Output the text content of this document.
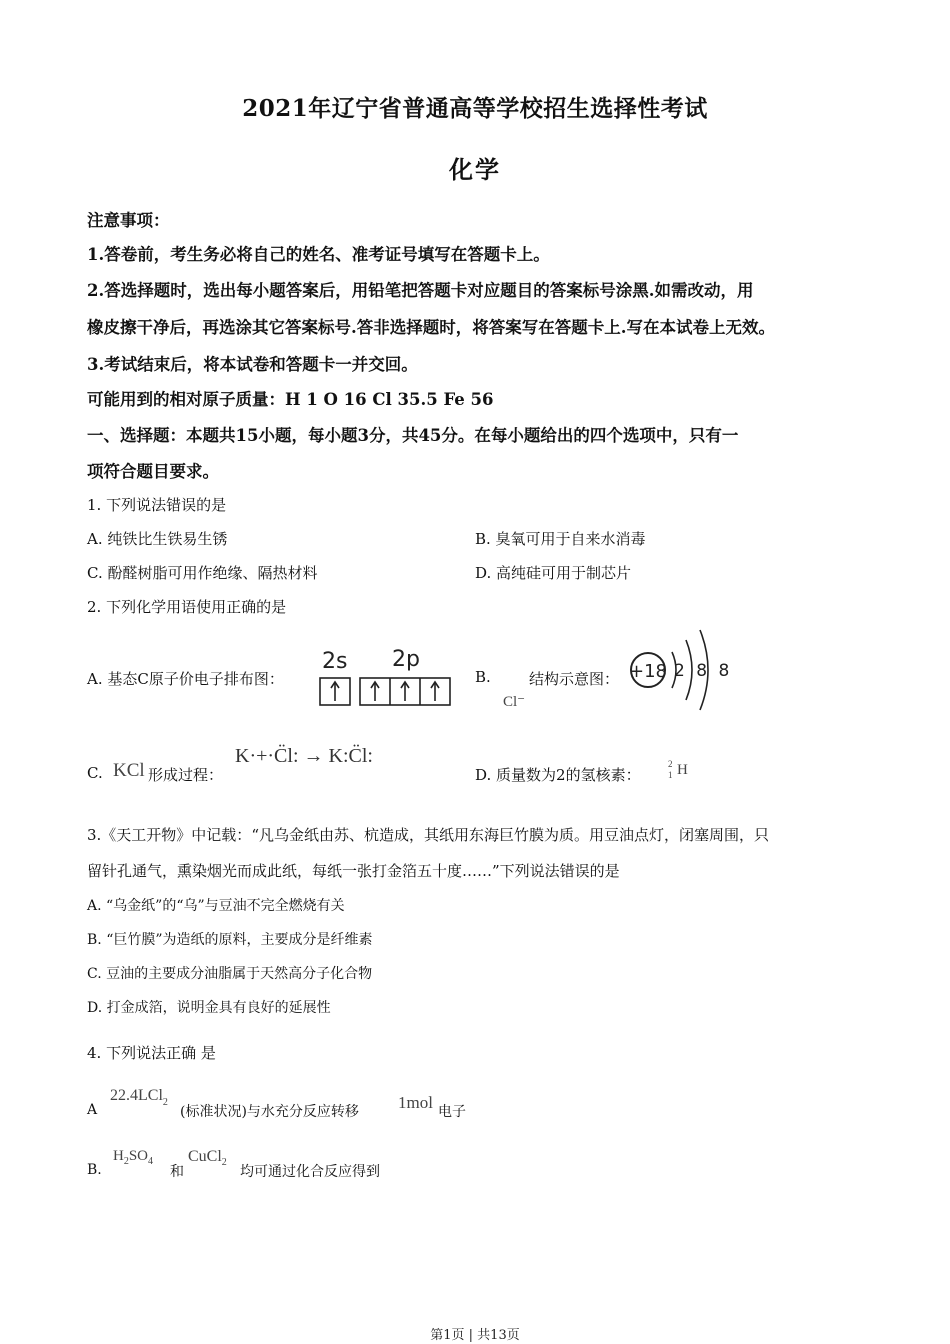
2021年辽宁省普通高等学校招生选择性考试
化学
注意事项：
1.答卷前，考生务必将自己的姓名、准考证号填写在答题卡上。
2.答选择题时，选出每小题答案后，用铅笔把答题卡对应题目的答案标号涂黑.如需改动，用
橡皮擦干净后，再选涂其它答案标号.答非选择题时，将答案写在答题卡上.写在本试卷上无效。
3.考试结束后，将本试卷和答题卡一并交回。
可能用到的相对原子质量：H 1 O 16 Cl 35.5 Fe 56
一、选择题：本题共15小题，每小题3分，共45分。在每小题给出的四个选项中，只有一
项符合题目要求。
1. 下列说法错误的是
A. 纯铁比生铁易生锈	B. 臭氧可用于自来水消毒
C. 酚醛树脂可用作绝缘、隔热材料	D. 高纯硅可用于制芯片
2. 下列化学用语使用正确的是
A. 基态C原子价电子排布图：
2s 2p
B.
Cl⁻
结构示意图： +18 2 8 8
C. KCl 形成过程：
K·+·C̈l: → K:C̈l:
D. 质量数为2的氢核素：
2
1 H
3.《天工开物》中记载：“凡乌金纸由苏、杭造成，其纸用东海巨竹膜为质。用豆油点灯，闭塞周围，只
留针孔通气，熏染烟光而成此纸，每纸一张打金箔五十度……”下列说法错误的是
A. “乌金纸”的“乌”与豆油不完全燃烧有关
B. “巨竹膜”为造纸的原料，主要成分是纤维素
C. 豆油的主要成分油脂属于天然高分子化合物
D. 打金成箔，说明金具有良好的延展性
4. 下列说法正确 是
A
22.4LCl$_2$
(标准状况)与水充分反应转移 1mol 电子
B.
$H_2SO_4$
和
CuCl$_2$
均可通过化合反应得到
第1页 | 共13页
